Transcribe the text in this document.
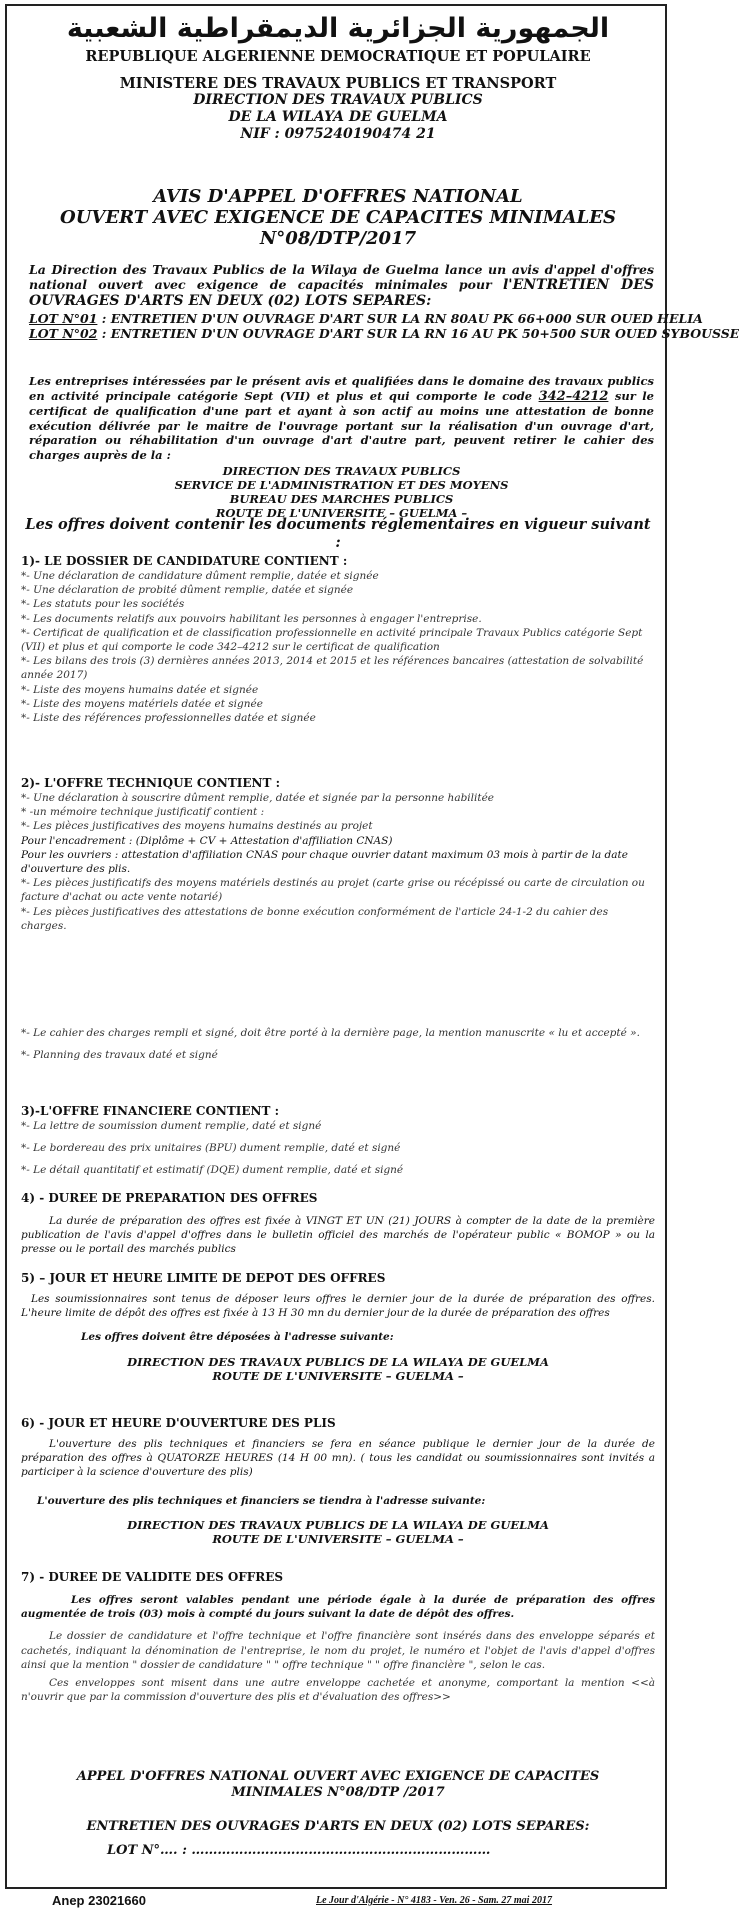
الجمهورية الجزائرية الديمقراطية الشعبية

REPUBLIQUE ALGERIENNE DEMOCRATIQUE ET POPULAIRE

MINISTERE DES TRAVAUX PUBLICS ET TRANSPORT

DIRECTION DES TRAVAUX PUBLICS

DE LA WILAYA DE GUELMA

NIF : 0975240190474 21

AVIS D'APPEL D'OFFRES NATIONAL

OUVERT AVEC EXIGENCE DE CAPACITES MINIMALES

N°08/DTP/2017

La Direction des Travaux Publics de la Wilaya de Guelma lance un avis d'appel d'offres national ouvert avec exigence de capacités minimales pour l'ENTRETIEN DES OUVRAGES D'ARTS EN DEUX (02) LOTS SEPARES:

LOT N°01 : ENTRETIEN D'UN OUVRAGE D'ART SUR LA RN 80AU PK 66+000 SUR OUED HELIA

LOT N°02 : ENTRETIEN D'UN OUVRAGE D'ART SUR LA RN 16 AU PK 50+500 SUR OUED SYBOUSSE

Les entreprises intéressées par le présent avis et qualifiées dans le domaine des travaux publics en activité principale catégorie Sept (VII) et plus et qui comporte le code 342–4212 sur le certificat de qualification d'une part et ayant à son actif au moins une attestation de bonne exécution délivrée par le maitre de l'ouvrage portant sur la réalisation d'un ouvrage d'art, réparation ou réhabilitation d'un ouvrage d'art d'autre part, peuvent retirer le cahier des charges auprès de la :

DIRECTION DES TRAVAUX PUBLICS

SERVICE DE L'ADMINISTRATION ET DES MOYENS

BUREAU DES MARCHES PUBLICS

ROUTE DE L'UNIVERSITE – GUELMA –

Les offres doivent contenir les documents réglementaires en vigueur suivant :

1)- LE DOSSIER DE CANDIDATURE CONTIENT :

*- Une déclaration de candidature dûment remplie, datée et signée

*- Une déclaration de probité dûment remplie, datée et signée

*- Les statuts pour les sociétés

*- Les documents relatifs aux pouvoirs habilitant les personnes à engager l'entreprise.

*- Certificat de qualification et de classification professionnelle en activité principale Travaux Publics catégorie Sept (VII) et plus et qui comporte le code 342–4212 sur le certificat de qualification

*- Les bilans des trois (3) dernières années 2013, 2014 et 2015 et les références bancaires (attestation de solvabilité année 2017)

*- Liste des moyens humains datée et signée

*- Liste des moyens matériels datée et signée

*- Liste des références professionnelles datée et signée

2)- L'OFFRE TECHNIQUE CONTIENT :

*- Une déclaration à souscrire dûment remplie, datée et signée par la personne habilitée

* -un mémoire technique justificatif contient :

*- Les pièces justificatives des moyens humains destinés au projet

Pour l'encadrement : (Diplôme + CV + Attestation d'affiliation CNAS)

Pour les ouvriers : attestation d'affiliation CNAS pour chaque ouvrier datant maximum 03 mois à partir de la date d'ouverture des plis.

*- Les pièces justificatifs des moyens matériels destinés au projet (carte grise ou récépissé ou carte de circulation ou facture d'achat ou acte vente notarié)

*- Les pièces justificatives des attestations de bonne exécution conformément de l'article 24-1-2 du cahier des charges.

*- Le cahier des charges rempli et signé, doit être porté à la dernière page, la mention manuscrite « lu et accepté ».

*- Planning des travaux daté et signé

3)-L'OFFRE FINANCIERE CONTIENT :

*- La lettre de soumission dument remplie, daté et signé

*- Le bordereau des prix unitaires (BPU) dument remplie, daté et signé

*- Le détail quantitatif et estimatif (DQE) dument remplie, daté et signé

4) - DUREE DE PREPARATION DES OFFRES

La durée de préparation des offres est fixée à VINGT ET UN (21) JOURS à compter de la date de la première publication de l'avis d'appel d'offres dans le bulletin officiel des marchés de l'opérateur public « BOMOP » ou la presse ou le portail des marchés publics

5) – JOUR ET HEURE LIMITE DE DEPOT DES OFFRES

Les soumissionnaires sont tenus de déposer leurs offres le dernier jour de la durée de préparation des offres. L'heure limite de dépôt des offres est fixée à 13 H 30 mn du dernier jour de la durée de préparation des offres

Les offres doivent être déposées à l'adresse suivante:

DIRECTION DES TRAVAUX PUBLICS DE LA WILAYA DE GUELMA

ROUTE DE L'UNIVERSITE – GUELMA –

6) - JOUR ET HEURE D'OUVERTURE DES PLIS

L'ouverture des plis techniques et financiers se fera en séance publique le dernier jour de la durée de préparation des offres à QUATORZE HEURES (14 H 00 mn). ( tous les candidat ou soumissionnaires sont invités a participer à la science d'ouverture des plis)

L'ouverture des plis techniques et financiers se tiendra à l'adresse suivante:

DIRECTION DES TRAVAUX PUBLICS DE LA WILAYA DE GUELMA

ROUTE DE L'UNIVERSITE – GUELMA –

7) - DUREE DE VALIDITE DES OFFRES

Les offres seront valables pendant une période égale à la durée de préparation des offres augmentée de trois (03) mois à compté du jours suivant la date de dépôt des offres.

Le dossier de candidature et l'offre technique et l'offre financière sont insérés dans des enveloppe séparés et cachetés, indiquant la dénomination de l'entreprise, le nom du projet, le numéro et l'objet de l'avis d'appel d'offres ainsi que la mention " dossier de candidature " " offre technique " " offre financière ", selon le cas.

Ces enveloppes sont misent dans une autre enveloppe cachetée et anonyme, comportant la mention <<à n'ouvrir que par la commission d'ouverture des plis et d'évaluation des offres>>

APPEL D'OFFRES NATIONAL OUVERT AVEC EXIGENCE DE CAPACITES

MINIMALES N°08/DTP /2017

ENTRETIEN DES OUVRAGES D'ARTS EN DEUX (02) LOTS SEPARES:

LOT N°…. : ……………………………………………………………

Anep 23021660	Le Jour d'Algérie - N° 4183 - Ven. 26 - Sam. 27 mai 2017
